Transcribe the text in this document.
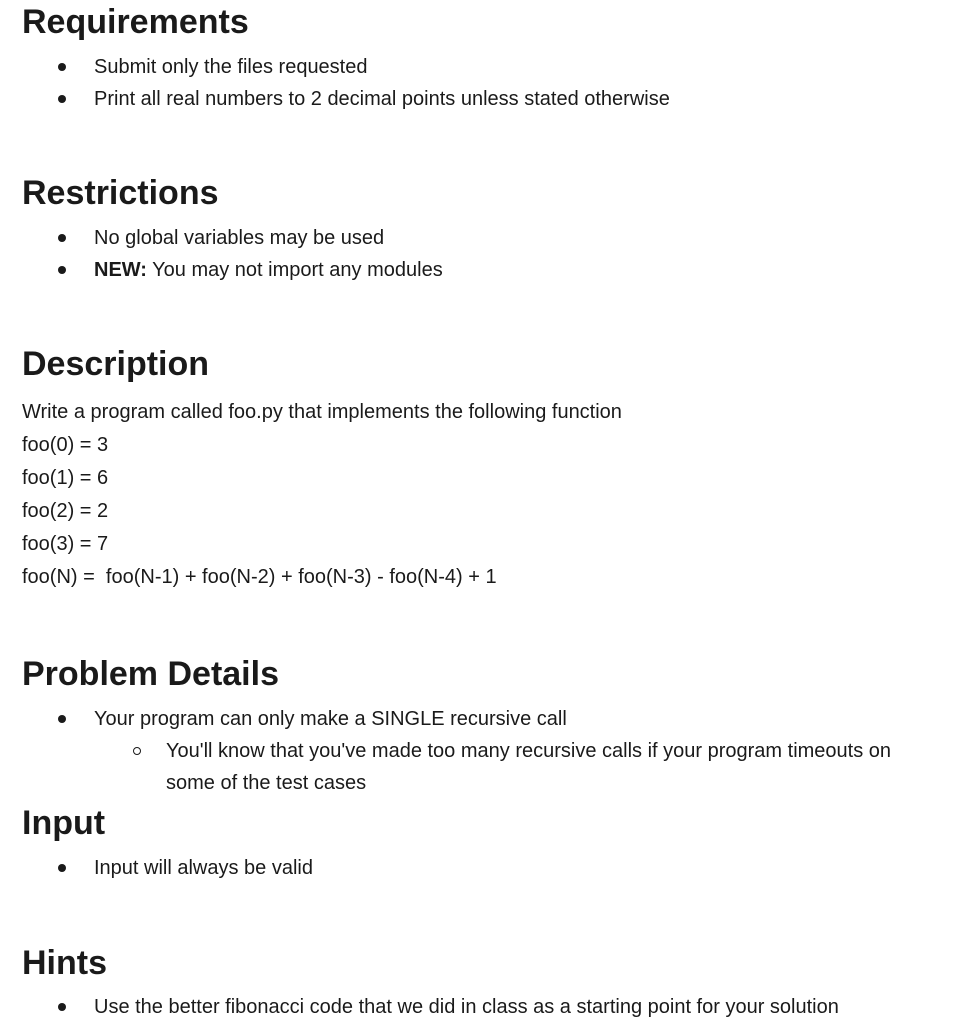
Requirements
Submit only the files requested
Print all real numbers to 2 decimal points unless stated otherwise
Restrictions
No global variables may be used
NEW: You may not import any modules
Description
Write a program called foo.py that implements the following function
foo(0) = 3
foo(1) = 6
foo(2) = 2
foo(3) = 7
foo(N) =  foo(N-1) + foo(N-2) + foo(N-3) - foo(N-4) + 1
Problem Details
Your program can only make a SINGLE recursive call
You'll know that you've made too many recursive calls if your program timeouts on some of the test cases
Input
Input will always be valid
Hints
Use the better fibonacci code that we did in class as a starting point for your solution
